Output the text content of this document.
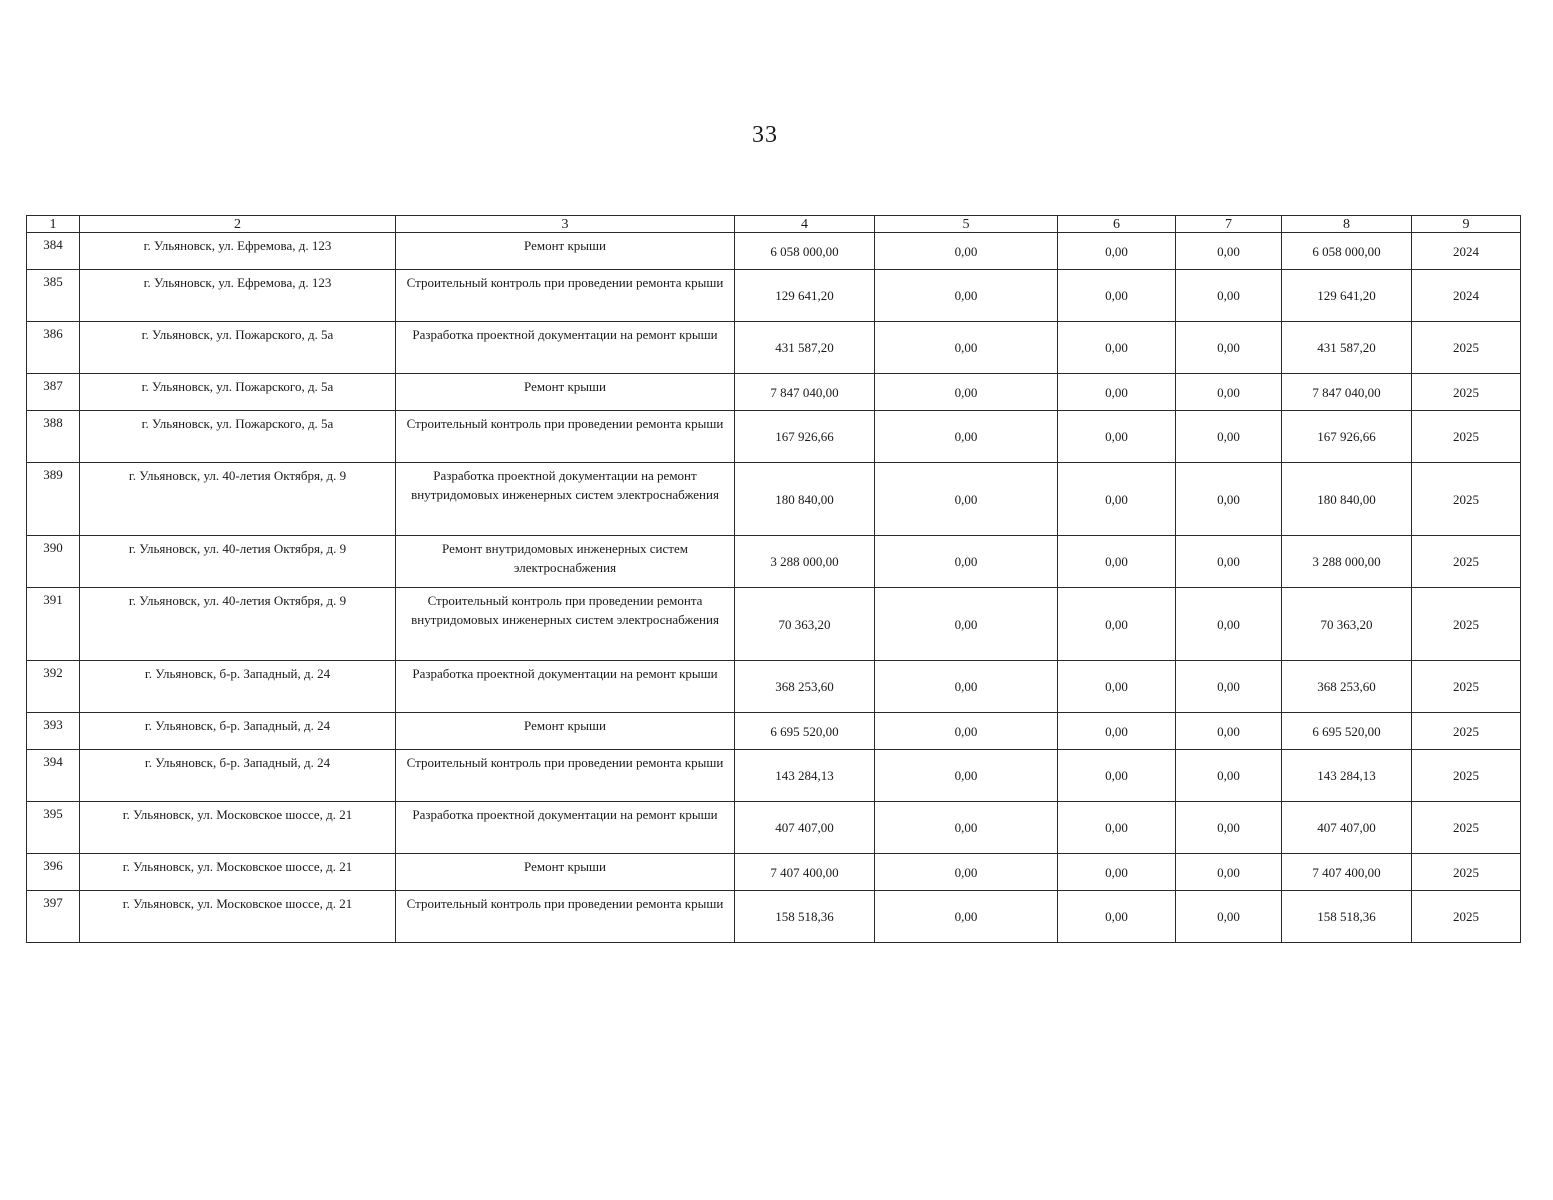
33
1	2	3	4	5	6	7	8	9
384	г. Ульяновск, ул. Ефремова, д. 123	Ремонт крыши	6 058 000,00	0,00	0,00	0,00	6 058 000,00	2024
385	г. Ульяновск, ул. Ефремова, д. 123	Строительный контроль при проведении ремонта крыши	129 641,20	0,00	0,00	0,00	129 641,20	2024
386	г. Ульяновск, ул. Пожарского, д. 5а	Разработка проектной документации на ремонт крыши	431 587,20	0,00	0,00	0,00	431 587,20	2025
387	г. Ульяновск, ул. Пожарского, д. 5а	Ремонт крыши	7 847 040,00	0,00	0,00	0,00	7 847 040,00	2025
388	г. Ульяновск, ул. Пожарского, д. 5а	Строительный контроль при проведении ремонта крыши	167 926,66	0,00	0,00	0,00	167 926,66	2025
389	г. Ульяновск, ул. 40-летия Октября, д. 9	Разработка проектной документации на ремонт внутридомовых инженерных систем электроснабжения	180 840,00	0,00	0,00	0,00	180 840,00	2025
390	г. Ульяновск, ул. 40-летия Октября, д. 9	Ремонт внутридомовых инженерных систем электроснабжения	3 288 000,00	0,00	0,00	0,00	3 288 000,00	2025
391	г. Ульяновск, ул. 40-летия Октября, д. 9	Строительный контроль при проведении ремонта внутридомовых инженерных систем электроснабжения	70 363,20	0,00	0,00	0,00	70 363,20	2025
392	г. Ульяновск, б-р. Западный, д. 24	Разработка проектной документации на ремонт крыши	368 253,60	0,00	0,00	0,00	368 253,60	2025
393	г. Ульяновск, б-р. Западный, д. 24	Ремонт крыши	6 695 520,00	0,00	0,00	0,00	6 695 520,00	2025
394	г. Ульяновск, б-р. Западный, д. 24	Строительный контроль при проведении ремонта крыши	143 284,13	0,00	0,00	0,00	143 284,13	2025
395	г. Ульяновск, ул. Московское шоссе, д. 21	Разработка проектной документации на ремонт крыши	407 407,00	0,00	0,00	0,00	407 407,00	2025
396	г. Ульяновск, ул. Московское шоссе, д. 21	Ремонт крыши	7 407 400,00	0,00	0,00	0,00	7 407 400,00	2025
397	г. Ульяновск, ул. Московское шоссе, д. 21	Строительный контроль при проведении ремонта крыши	158 518,36	0,00	0,00	0,00	158 518,36	2025
